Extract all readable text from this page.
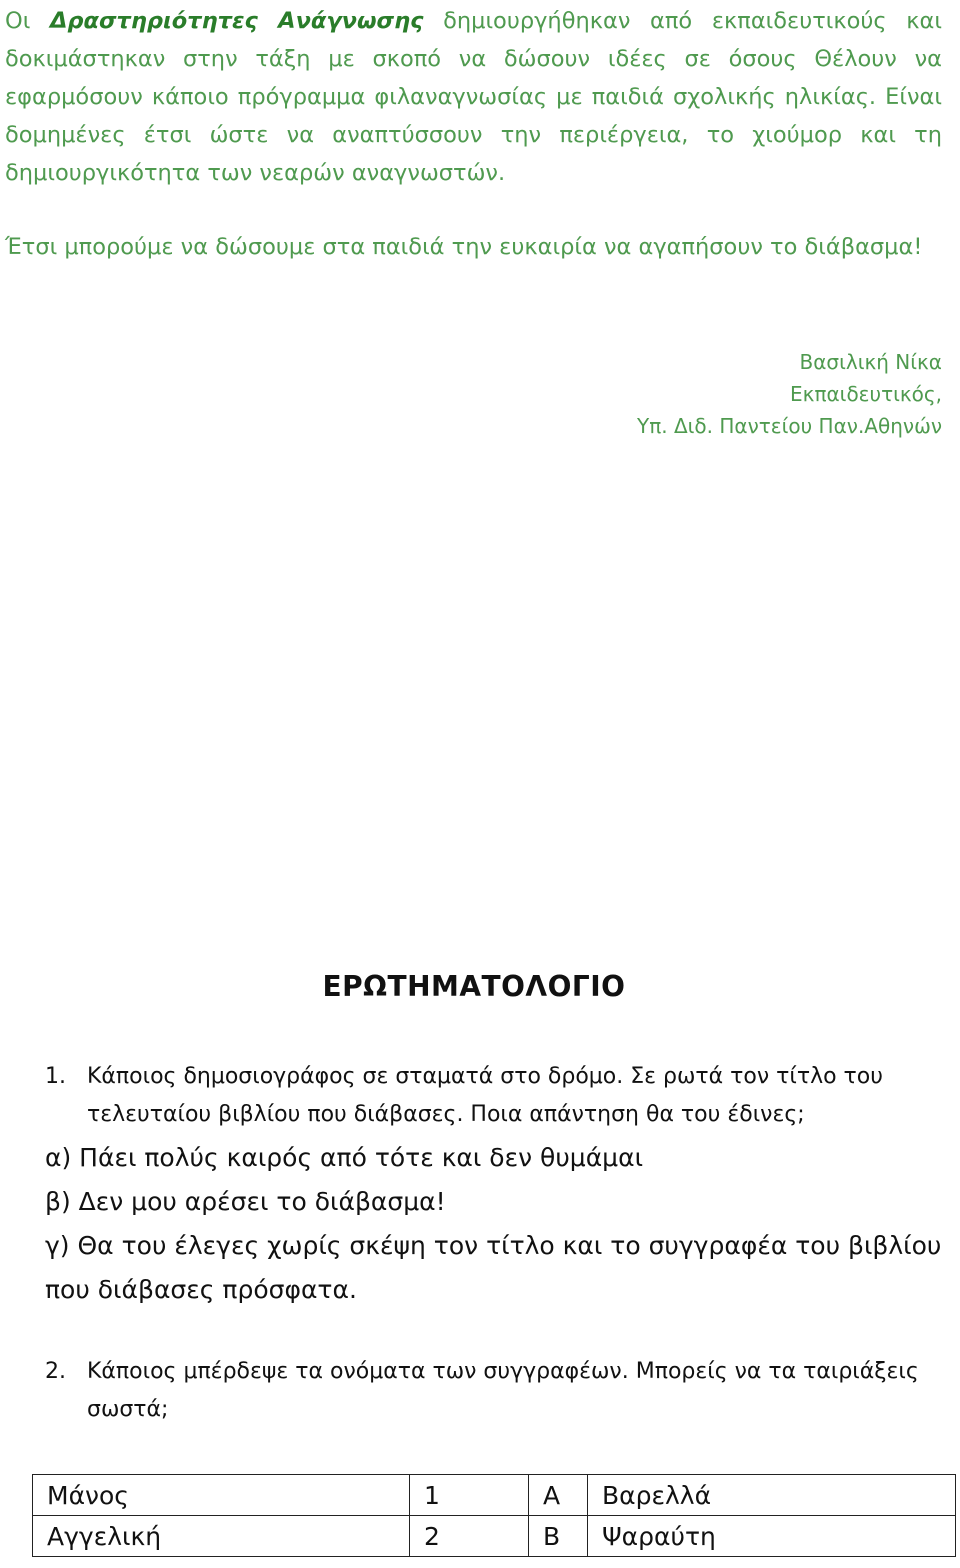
Οι Δραστηριότητες Ανάγνωσης δημιουργήθηκαν από εκπαιδευτικούς και δοκιμάστηκαν στην τάξη με σκοπό να δώσουν ιδέες σε όσους Θέλουν να εφαρμόσουν κάποιο πρόγραμμα φιλαναγνωσίας με παιδιά σχολικής ηλικίας. Είναι δομημένες έτσι ώστε να αναπτύσσουν την περιέργεια, το χιούμορ και τη δημιουργικότητα των νεαρών αναγνωστών.
Έτσι μπορούμε να δώσουμε στα παιδιά την ευκαιρία να αγαπήσουν το διάβασμα!
Βασιλική Νίκα
Εκπαιδευτικός,
Υπ. Διδ. Παντείου Παν.Αθηνών
ΕΡΩΤΗΜΑΤΟΛΟΓΙΟ
1. Κάποιος δημοσιογράφος σε σταματά στο δρόμο. Σε ρωτά τον τίτλο του τελευταίου βιβλίου που διάβασες. Ποια απάντηση θα του έδινες;
α) Πάει πολύς καιρός από τότε και δεν θυμάμαι
β) Δεν μου αρέσει το διάβασμα!
γ) Θα του έλεγες χωρίς σκέψη τον τίτλο και το συγγραφέα του βιβλίου που διάβασες πρόσφατα.
2. Κάποιος μπέρδεψε τα ονόματα των συγγραφέων. Μπορείς να τα ταιριάξεις σωστά;
Μάνος	1	Α	Βαρελλά
Αγγελική	2	Β	Ψαραύτη
